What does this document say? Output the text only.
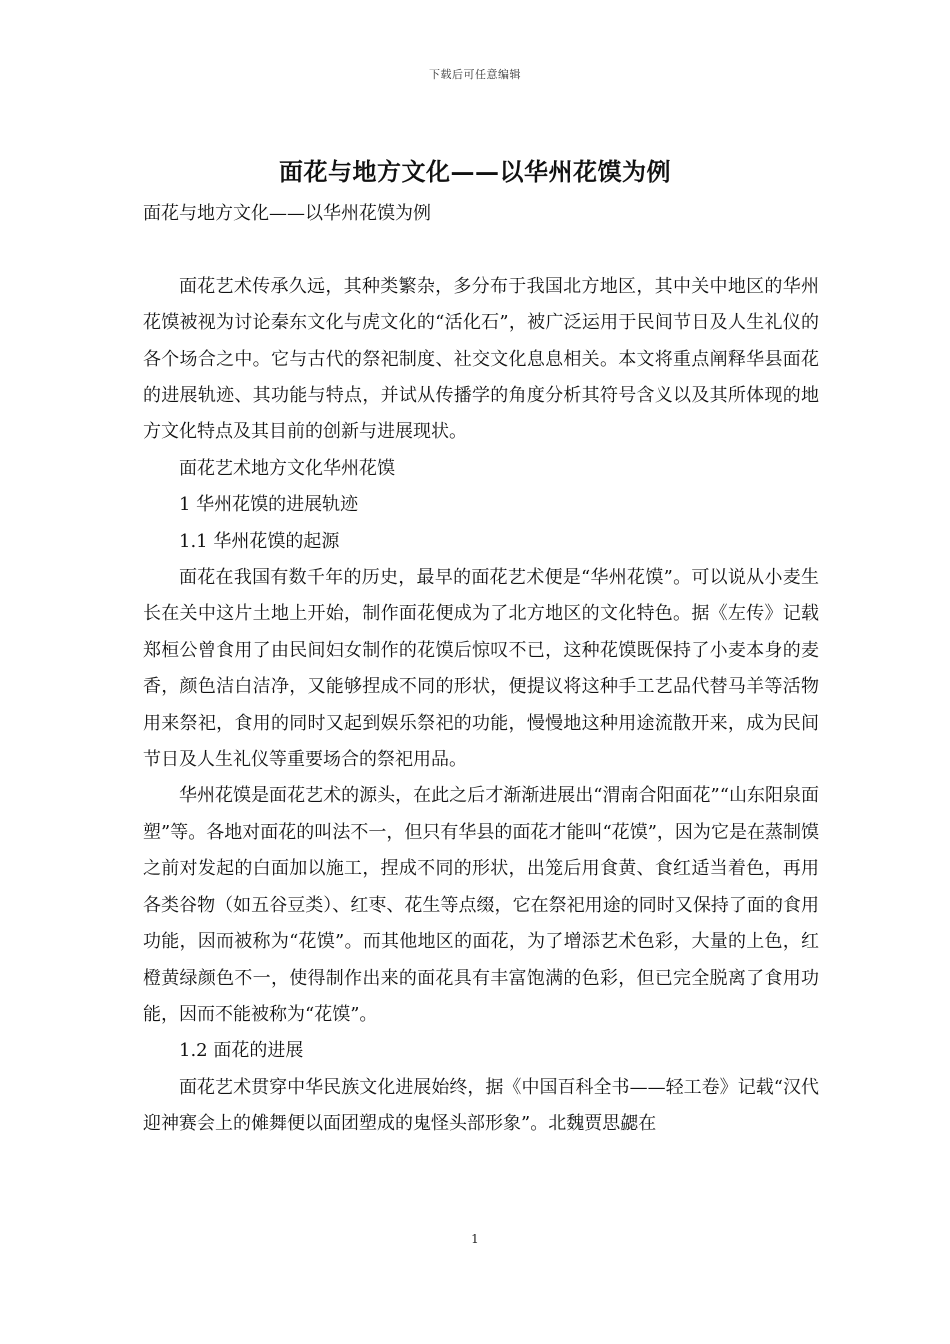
下载后可任意编辑
面花与地方文化——以华州花馍为例

面花与地方文化——以华州花馍为例

面花艺术传承久远，其种类繁杂，多分布于我国北方地区，其中关中地区的华州花馍被视为讨论秦东文化与虎文化的“活化石”，被广泛运用于民间节日及人生礼仪的各个场合之中。它与古代的祭祀制度、社交文化息息相关。本文将重点阐释华县面花的进展轨迹、其功能与特点，并试从传播学的角度分析其符号含义以及其所体现的地方文化特点及其目前的创新与进展现状。

面花艺术地方文化华州花馍

1 华州花馍的进展轨迹

1.1 华州花馍的起源

面花在我国有数千年的历史，最早的面花艺术便是“华州花馍”。可以说从小麦生长在关中这片土地上开始，制作面花便成为了北方地区的文化特色。据《左传》记载郑桓公曾食用了由民间妇女制作的花馍后惊叹不已，这种花馍既保持了小麦本身的麦香，颜色洁白洁净，又能够捏成不同的形状，便提议将这种手工艺品代替马羊等活物用来祭祀，食用的同时又起到娱乐祭祀的功能，慢慢地这种用途流散开来，成为民间节日及人生礼仪等重要场合的祭祀用品。

华州花馍是面花艺术的源头，在此之后才渐渐进展出“渭南合阳面花”“山东阳泉面塑”等。各地对面花的叫法不一，但只有华县的面花才能叫“花馍”，因为它是在蒸制馍之前对发起的白面加以施工，捏成不同的形状，出笼后用食黄、食红适当着色，再用各类谷物（如五谷豆类）、红枣、花生等点缀，它在祭祀用途的同时又保持了面的食用功能，因而被称为“花馍”。而其他地区的面花，为了增添艺术色彩，大量的上色，红橙黄绿颜色不一，使得制作出来的面花具有丰富饱满的色彩，但已完全脱离了食用功能，因而不能被称为“花馍”。

1.2 面花的进展

面花艺术贯穿中华民族文化进展始终，据《中国百科全书——轻工卷》记载“汉代迎神赛会上的傩舞便以面团塑成的鬼怪头部形象”。北魏贾思勰在

1
